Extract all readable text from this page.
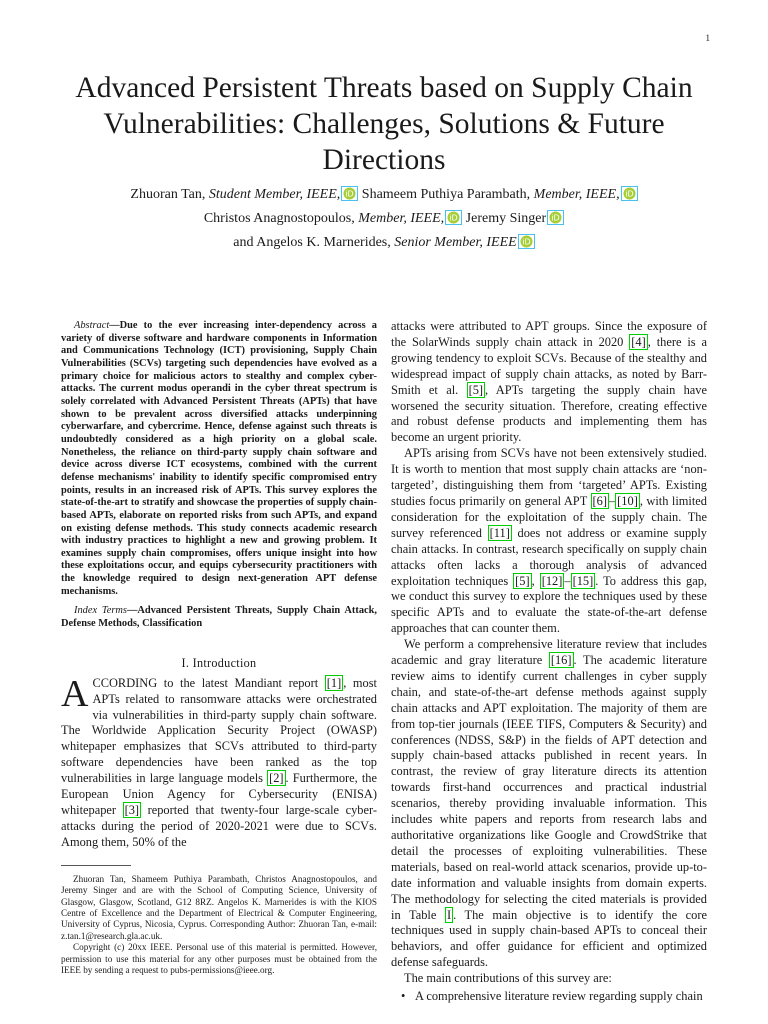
1
Advanced Persistent Threats based on Supply Chain Vulnerabilities: Challenges, Solutions & Future Directions
Zhuoran Tan, Student Member, IEEE, iD Shameem Puthiya Parambath, Member, IEEE, iD
Christos Anagnostopoulos, Member, IEEE, iD Jeremy Singer iD
and Angelos K. Marnerides, Senior Member, IEEE iD

Abstract—Due to the ever increasing inter-dependency across a variety of diverse software and hardware components in Information and Communications Technology (ICT) provisioning, Supply Chain Vulnerabilities (SCVs) targeting such dependencies have evolved as a primary choice for malicious actors to stealthy and complex cyber-attacks. The current modus operandi in the cyber threat spectrum is solely correlated with Advanced Persistent Threats (APTs) that have shown to be prevalent across diversified attacks underpinning cyberwarfare, and cybercrime. Hence, defense against such threats is undoubtedly considered as a high priority on a global scale. Nonetheless, the reliance on third-party supply chain software and device across diverse ICT ecosystems, combined with the current defense mechanisms' inability to identify specific compromised entry points, results in an increased risk of APTs. This survey explores the state-of-the-art to stratify and showcase the properties of supply chain-based APTs, elaborate on reported risks from such APTs, and expand on existing defense methods. This study connects academic research with industry practices to highlight a new and growing problem. It examines supply chain compromises, offers unique insight into how these exploitations occur, and equips cybersecurity practitioners with the knowledge required to design next-generation APT defense mechanisms.

Index Terms—Advanced Persistent Threats, Supply Chain Attack, Defense Methods, Classification

I. Introduction

ACCORDING to the latest Mandiant report [1] , most APTs related to ransomware attacks were orchestrated via vulnerabilities in third-party supply chain software. The Worldwide Application Security Project (OWASP) whitepaper emphasizes that SCVs attributed to third-party software dependencies have been ranked as the top vulnerabilities in large language models [2] . Furthermore, the European Union Agency for Cybersecurity (ENISA) whitepaper [3] reported that twenty-four large-scale cyber-attacks during the period of 2020-2021 were due to SCVs. Among them, 50% of the

Zhuoran Tan, Shameem Puthiya Parambath, Christos Anagnostopoulos, and Jeremy Singer and are with the School of Computing Science, University of Glasgow, Glasgow, Scotland, G12 8RZ. Angelos K. Marnerides is with the KIOS Centre of Excellence and the Department of Electrical & Computer Engineering, University of Cyprus, Nicosia, Cyprus. Corresponding Author: Zhuoran Tan, e-mail: z.tan.1@research.gla.ac.uk.

Copyright (c) 20xx IEEE. Personal use of this material is permitted. However, permission to use this material for any other purposes must be obtained from the IEEE by sending a request to pubs-permissions@ieee.org.

attacks were attributed to APT groups. Since the exposure of the SolarWinds supply chain attack in 2020 [4] , there is a growing tendency to exploit SCVs. Because of the stealthy and widespread impact of supply chain attacks, as noted by Barr-Smith et al. [5] , APTs targeting the supply chain have worsened the security situation. Therefore, creating effective and robust defense products and implementing them has become an urgent priority.

APTs arising from SCVs have not been extensively studied. It is worth to mention that most supply chain attacks are ‘non-targeted’, distinguishing them from ‘targeted’ APTs. Existing studies focus primarily on general APT [6] – [10] , with limited consideration for the exploitation of the supply chain. The survey referenced [11] does not address or examine supply chain attacks. In contrast, research specifically on supply chain attacks often lacks a thorough analysis of advanced exploitation techniques [5] , [12] – [15] . To address this gap, we conduct this survey to explore the techniques used by these specific APTs and to evaluate the state-of-the-art defense approaches that can counter them.

We perform a comprehensive literature review that includes academic and gray literature [16] . The academic literature review aims to identify current challenges in cyber supply chain, and state-of-the-art defense methods against supply chain attacks and APT exploitation. The majority of them are from top-tier journals (IEEE TIFS, Computers & Security) and conferences (NDSS, S&P) in the fields of APT detection and supply chain-based attacks published in recent years. In contrast, the review of gray literature directs its attention towards first-hand occurrences and practical industrial scenarios, thereby providing invaluable information. This includes white papers and reports from research labs and authoritative organizations like Google and CrowdStrike that detail the processes of exploiting vulnerabilities. These materials, based on real-world attack scenarios, provide up-to-date information and valuable insights from domain experts. The methodology for selecting the cited materials is provided in Table I . The main objective is to identify the core techniques used in supply chain-based APTs to conceal their behaviors, and offer guidance for efficient and optimized defense safeguards.

The main contributions of this survey are:

• A comprehensive literature review regarding supply chain
